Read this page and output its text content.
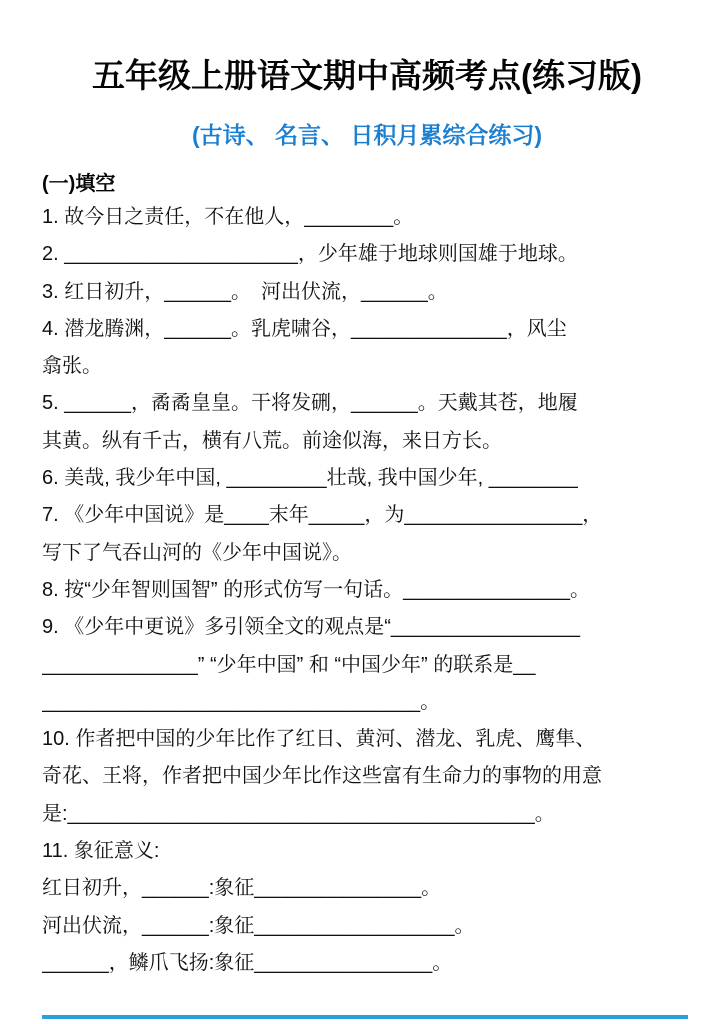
五年级上册语文期中高频考点(练习版)
(古诗、 名言、 日积月累综合练习)
(一)填空
1. 故今日之责任，不在他人，________。
2. _____________________，少年雄于地球则国雄于地球。
3. 红日初升，______。　河出伏流，______。
4. 潜龙腾渊，______。乳虎啸谷，______________，风尘
翕张。
5. ______，矞矞皇皇。干将发硎，______。天戴其苍，地履
其黄。纵有千古，横有八荒。前途似海，来日方长。
6. 美哉, 我少年中国, _________壮哉, 我中国少年, ________
7. 《少年中国说》是____末年_____，为________________，
写下了气吞山河的《少年中国说》。
8. 按“少年智则国智” 的形式仿写一句话。_______________。
9. 《少年中更说》多引领全文的观点是“_________________
______________” “少年中国” 和 “中国少年” 的联系是__
__________________________________。
10. 作者把中国的少年比作了红日、黄河、潜龙、乳虎、鹰隼、
奇花、王将，作者把中国少年比作这些富有生命力的事物的用意
是:__________________________________________。
11. 象征意义:
红日初升，______:象征_______________。
河出伏流，______:象征__________________。
______，鳞爪飞扬:象征________________。
